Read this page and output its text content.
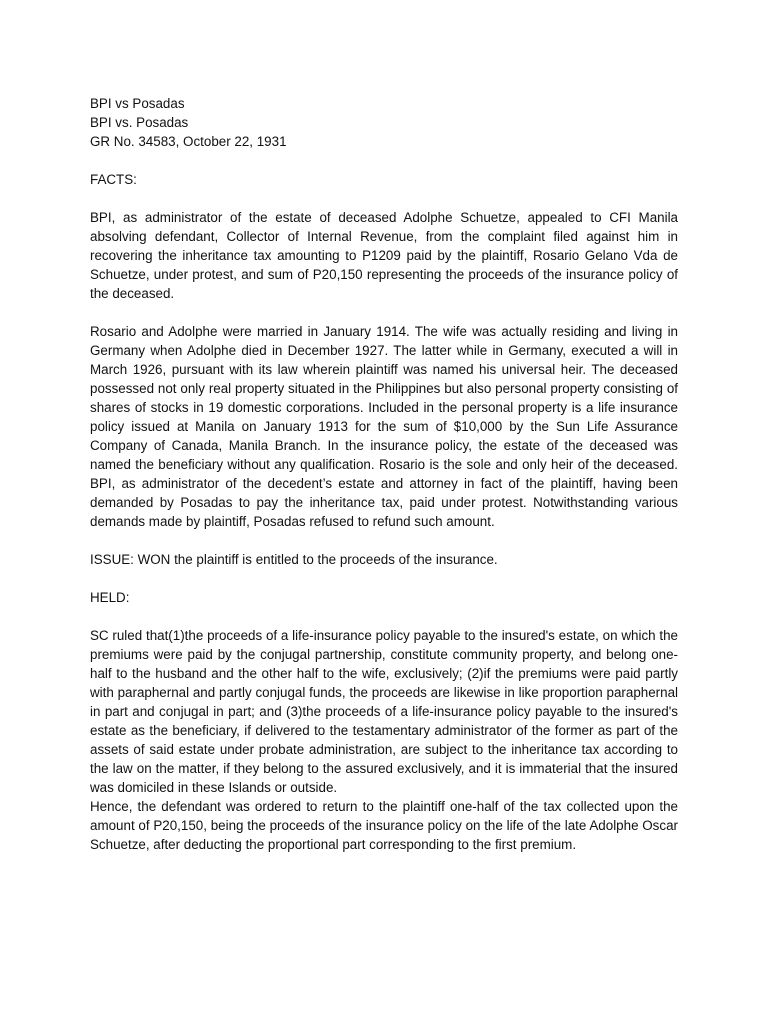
BPI vs Posadas

BPI vs. Posadas

GR No. 34583, October 22, 1931

FACTS:

BPI, as administrator of the estate of deceased Adolphe Schuetze, appealed to CFI Manila absolving defendant, Collector of Internal Revenue, from the complaint filed against him in recovering the inheritance tax amounting to P1209 paid by the plaintiff, Rosario Gelano Vda de Schuetze, under protest, and sum of P20,150 representing the proceeds of the insurance policy of the deceased.

Rosario and Adolphe were married in January 1914. The wife was actually residing and living in Germany when Adolphe died in December 1927. The latter while in Germany, executed a will in March 1926, pursuant with its law wherein plaintiff was named his universal heir. The deceased possessed not only real property situated in the Philippines but also personal property consisting of shares of stocks in 19 domestic corporations. Included in the personal property is a life insurance policy issued at Manila on January 1913 for the sum of $10,000 by the Sun Life Assurance Company of Canada, Manila Branch. In the insurance policy, the estate of the deceased was named the beneficiary without any qualification. Rosario is the sole and only heir of the deceased. BPI, as administrator of the decedent’s estate and attorney in fact of the plaintiff, having been demanded by Posadas to pay the inheritance tax, paid under protest. Notwithstanding various demands made by plaintiff, Posadas refused to refund such amount.

ISSUE: WON the plaintiff is entitled to the proceeds of the insurance.

HELD:

SC ruled that(1)the proceeds of a life-insurance policy payable to the insured's estate, on which the premiums were paid by the conjugal partnership, constitute community property, and belong one-half to the husband and the other half to the wife, exclusively; (2)if the premiums were paid partly with paraphernal and partly conjugal funds, the proceeds are likewise in like proportion paraphernal in part and conjugal in part; and (3)the proceeds of a life-insurance policy payable to the insured's estate as the beneficiary, if delivered to the testamentary administrator of the former as part of the assets of said estate under probate administration, are subject to the inheritance tax according to the law on the matter, if they belong to the assured exclusively, and it is immaterial that the insured was domiciled in these Islands or outside.

Hence, the defendant was ordered to return to the plaintiff one-half of the tax collected upon the amount of P20,150, being the proceeds of the insurance policy on the life of the late Adolphe Oscar Schuetze, after deducting the proportional part corresponding to the first premium.
